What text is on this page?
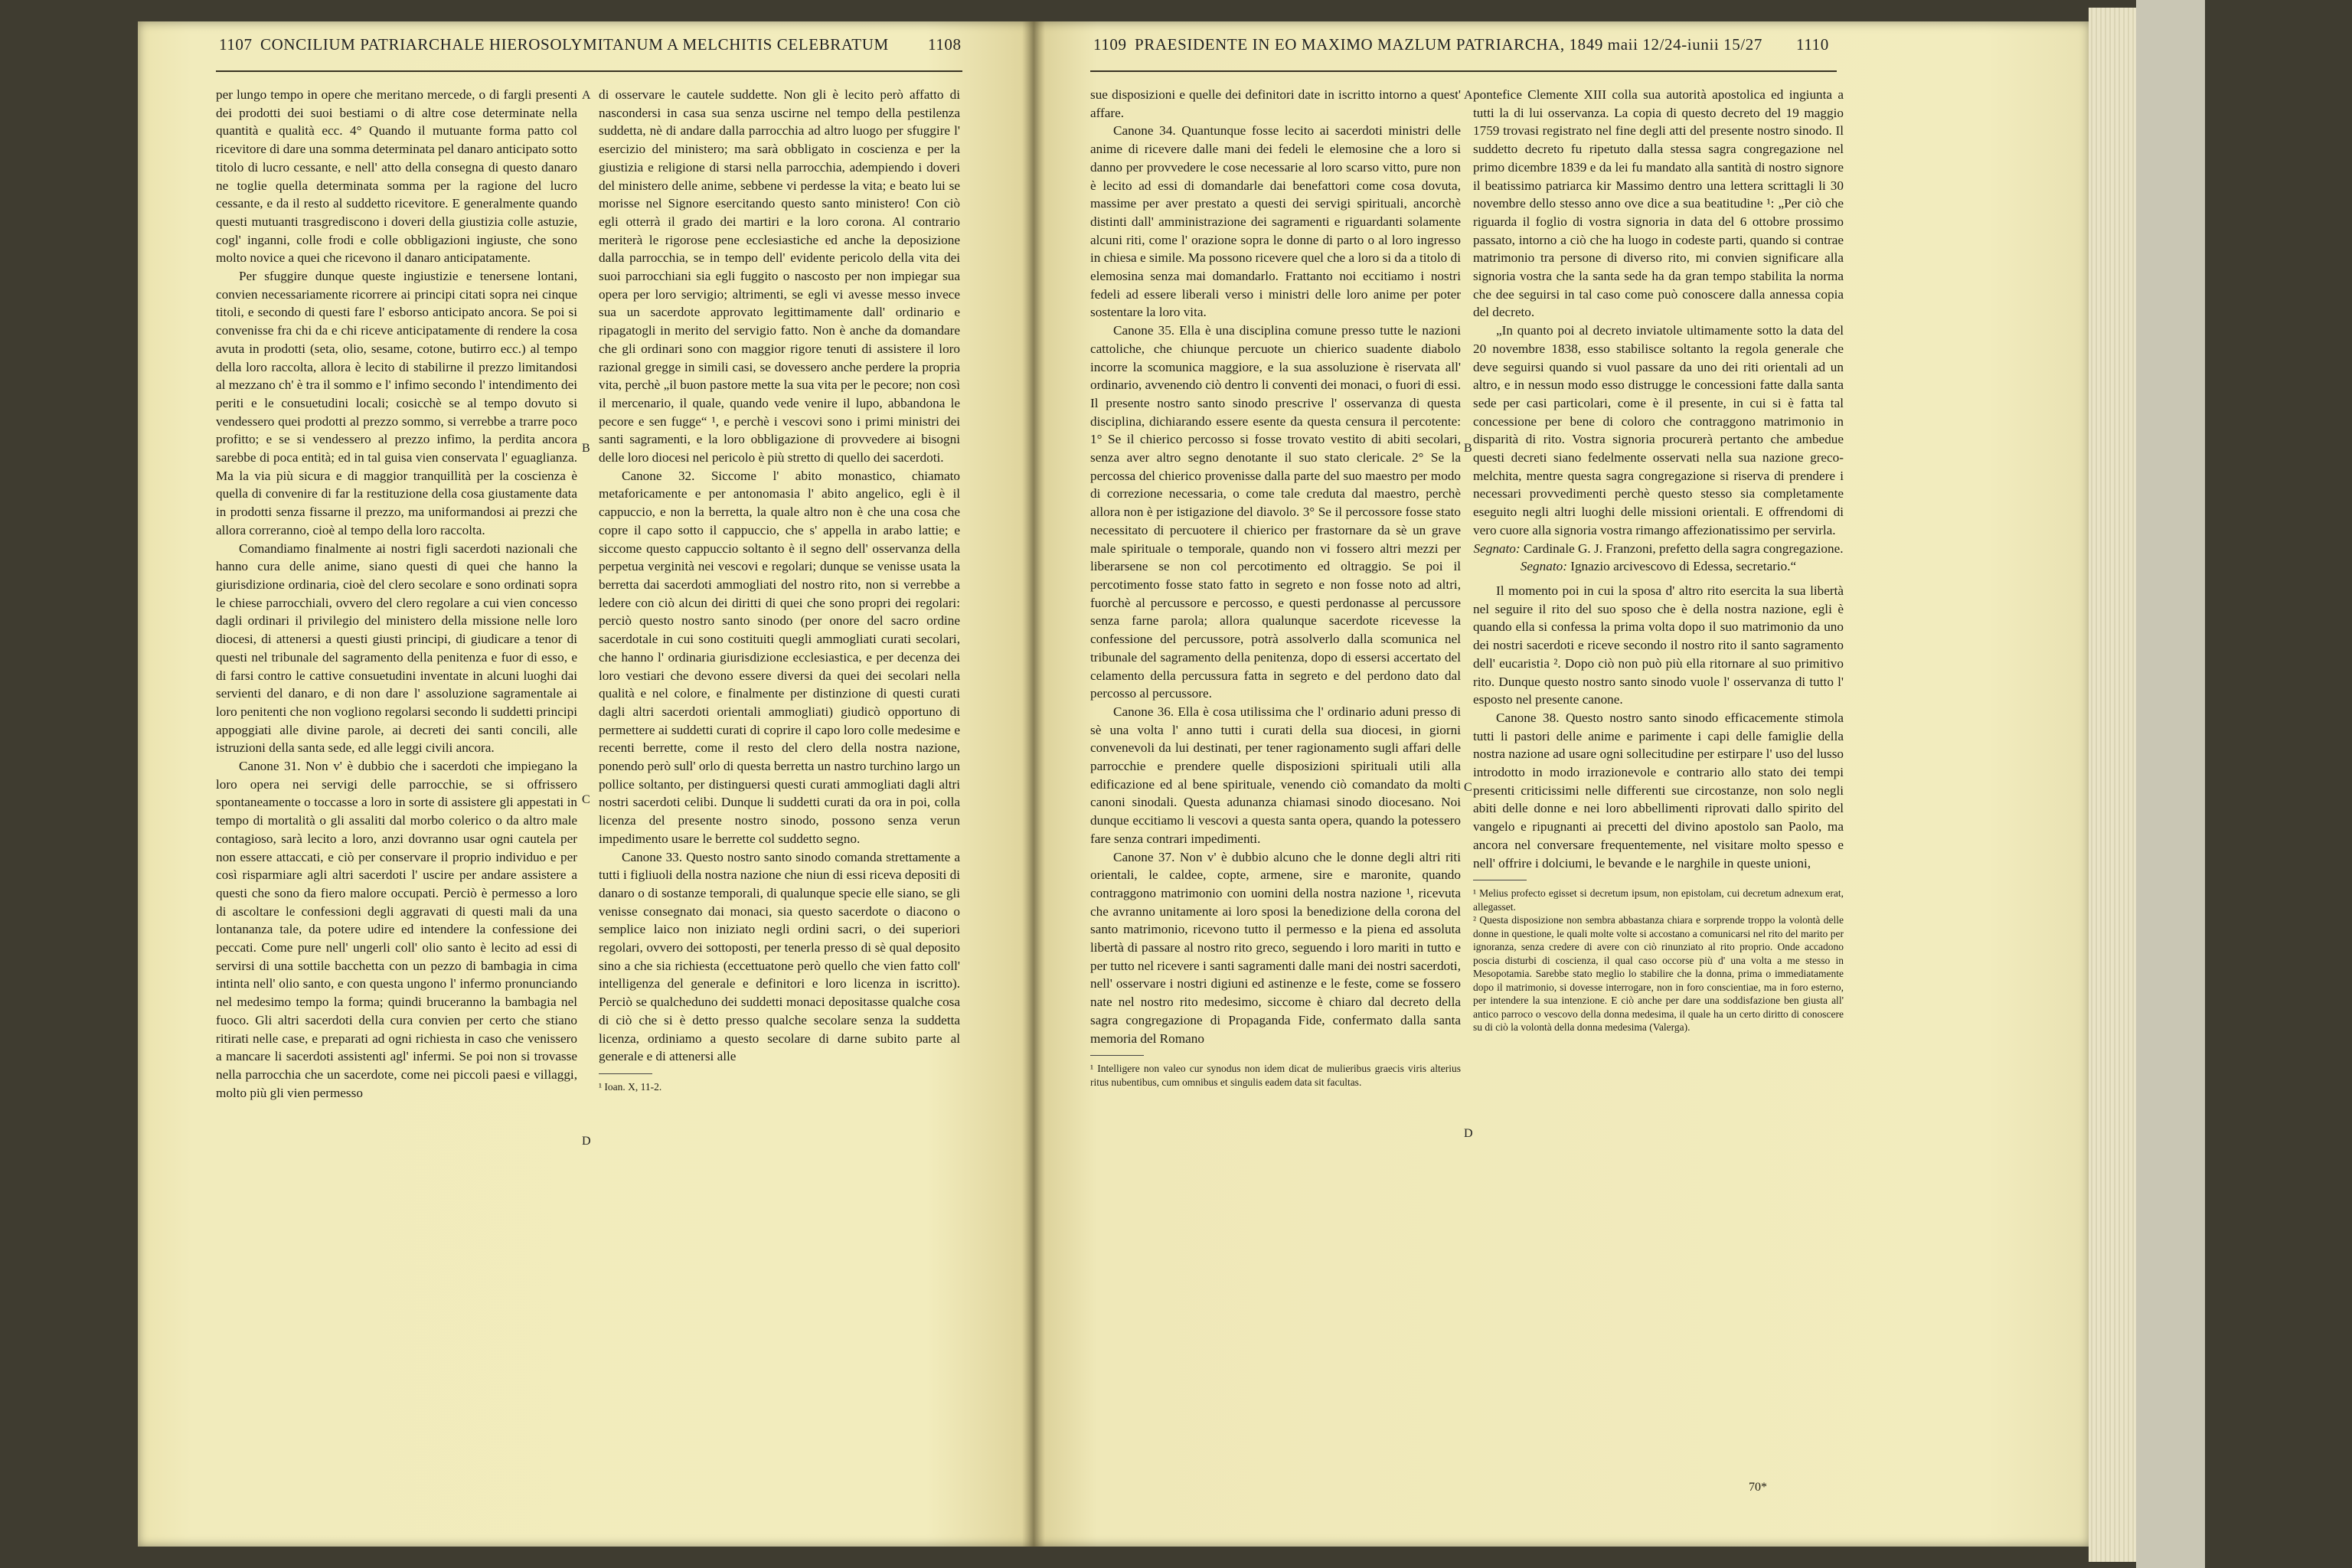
1107 CONCILIUM PATRIARCHALE HIEROSOLYMITANUM A MELCHITIS CELEBRATUM 1108

per lungo tempo in opere che meritano mercede, o di fargli presenti dei prodotti dei suoi bestiami o di altre cose determinate nella quantità e qualità ecc. 4° Quando il mutuante forma patto col ricevitore di dare una somma determinata pel danaro anticipato sotto titolo di lucro cessante, e nell' atto della consegna di questo danaro ne toglie quella determinata somma per la ragione del lucro cessante, e da il resto al suddetto ricevitore. E generalmente quando questi mutuanti trasgrediscono i doveri della giustizia colle astuzie, cogl' inganni, colle frodi e colle obbligazioni ingiuste, che sono molto novice a quei che ricevono il danaro anticipatamente.

Per sfuggire dunque queste ingiustizie e tenersene lontani, convien necessariamente ricorrere ai principi citati sopra nei cinque titoli, e secondo di questi fare l' esborso anticipato ancora. Se poi si convenisse fra chi da e chi riceve anticipatamente di rendere la cosa avuta in prodotti (seta, olio, sesame, cotone, butirro ecc.) al tempo della loro raccolta, allora è lecito di stabilirne il prezzo limitandosi al mezzano ch' è tra il sommo e l' infimo secondo l' intendimento dei periti e le consuetudini locali; cosicchè se al tempo dovuto si vendessero quei prodotti al prezzo sommo, si verrebbe a trarre poco profitto; e se si vendessero al prezzo infimo, la perdita ancora sarebbe di poca entità; ed in tal guisa vien conservata l' eguaglianza. Ma la via più sicura e di maggior tranquillità per la coscienza è quella di convenire di far la restituzione della cosa giustamente data in prodotti senza fissarne il prezzo, ma uniformandosi ai prezzi che allora correranno, cioè al tempo della loro raccolta.

Comandiamo finalmente ai nostri figli sacerdoti nazionali che hanno cura delle anime, siano questi di quei che hanno la giurisdizione ordinaria, cioè del clero secolare e sono ordinati sopra le chiese parrocchiali, ovvero del clero regolare a cui vien concesso dagli ordinari il privilegio del ministero della missione nelle loro diocesi, di attenersi a questi giusti principi, di giudicare a tenor di questi nel tribunale del sagramento della penitenza e fuor di esso, e di farsi contro le cattive consuetudini inventate in alcuni luoghi dai servienti del danaro, e di non dare l' assoluzione sagramentale ai loro penitenti che non vogliono regolarsi secondo li suddetti principi appoggiati alle divine parole, ai decreti dei santi concili, alle istruzioni della santa sede, ed alle leggi civili ancora.

Canone 31. Non v' è dubbio che i sacerdoti che impiegano la loro opera nei servigi delle parrocchie, se si offrissero spontaneamente o toccasse a loro in sorte di assistere gli appestati in tempo di mortalità o gli assaliti dal morbo colerico o da altro male contagioso, sarà lecito a loro, anzi dovranno usar ogni cautela per non essere attaccati, e ciò per conservare il proprio individuo e per così risparmiare agli altri sacerdoti l' uscire per andare assistere a questi che sono da fiero malore occupati. Perciò è permesso a loro di ascoltare le confessioni degli aggravati di questi mali da una lontananza tale, da potere udire ed intendere la confessione dei peccati. Come pure nell' ungerli coll' olio santo è lecito ad essi di servirsi di una sottile bacchetta con un pezzo di bambagia in cima intinta nell' olio santo, e con questa ungono l' infermo pronunciando nel medesimo tempo la forma; quindi bruceranno la bambagia nel fuoco. Gli altri sacerdoti della cura convien per certo che stiano ritirati nelle case, e preparati ad ogni richiesta in caso che venissero a mancare li sacerdoti assistenti agl' infermi. Se poi non si trovasse nella parrocchia che un sacerdote, come nei piccoli paesi e villaggi, molto più gli vien permesso

di osservare le cautele suddette. Non gli è lecito però affatto di nascondersi in casa sua senza uscirne nel tempo della pestilenza suddetta, nè di andare dalla parrocchia ad altro luogo per sfuggire l' esercizio del ministero; ma sarà obbligato in coscienza e per la giustizia e religione di starsi nella parrocchia, adempiendo i doveri del ministero delle anime, sebbene vi perdesse la vita; e beato lui se morisse nel Signore esercitando questo santo ministero! Con ciò egli otterrà il grado dei martiri e la loro corona. Al contrario meriterà le rigorose pene ecclesiastiche ed anche la deposizione dalla parrocchia, se in tempo dell' evidente pericolo della vita dei suoi parrocchiani sia egli fuggito o nascosto per non impiegar sua opera per loro servigio; altrimenti, se egli vi avesse messo invece sua un sacerdote approvato legittimamente dall' ordinario e ripagatogli in merito del servigio fatto. Non è anche da domandare che gli ordinari sono con maggior rigore tenuti di assistere il loro razional gregge in simili casi, se dovessero anche perdere la propria vita, perchè „il buon pastore mette la sua vita per le pecore; non così il mercenario, il quale, quando vede venire il lupo, abbandona le pecore e sen fugge“ ¹, e perchè i vescovi sono i primi ministri dei santi sagramenti, e la loro obbligazione di provvedere ai bisogni delle loro diocesi nel pericolo è più stretto di quello dei sacerdoti.

Canone 32. Siccome l' abito monastico, chiamato metaforicamente e per antonomasia l' abito angelico, egli è il cappuccio, e non la berretta, la quale altro non è che una cosa che copre il capo sotto il cappuccio, che s' appella in arabo lattie; e siccome questo cappuccio soltanto è il segno dell' osservanza della perpetua verginità nei vescovi e regolari; dunque se venisse usata la berretta dai sacerdoti ammogliati del nostro rito, non si verrebbe a ledere con ciò alcun dei diritti di quei che sono propri dei regolari: perciò questo nostro santo sinodo (per onore del sacro ordine sacerdotale in cui sono costituiti quegli ammogliati curati secolari, che hanno l' ordinaria giurisdizione ecclesiastica, e per decenza dei loro vestiari che devono essere diversi da quei dei secolari nella qualità e nel colore, e finalmente per distinzione di questi curati dagli altri sacerdoti orientali ammogliati) giudicò opportuno di permettere ai suddetti curati di coprire il capo loro colle medesime e recenti berrette, come il resto del clero della nostra nazione, ponendo però sull' orlo di questa berretta un nastro turchino largo un pollice soltanto, per distinguersi questi curati ammogliati dagli altri nostri sacerdoti celibi. Dunque li suddetti curati da ora in poi, colla licenza del presente nostro sinodo, possono senza verun impedimento usare le berrette col suddetto segno.

Canone 33. Questo nostro santo sinodo comanda strettamente a tutti i figliuoli della nostra nazione che niun di essi riceva depositi di danaro o di sostanze temporali, di qualunque specie elle siano, se gli venisse consegnato dai monaci, sia questo sacerdote o diacono o semplice laico non iniziato negli ordini sacri, o dei superiori regolari, ovvero dei sottoposti, per tenerla presso di sè qual deposito sino a che sia richiesta (eccettuatone però quello che vien fatto coll' intelligenza del generale e definitori e loro licenza in iscritto). Perciò se qualcheduno dei suddetti monaci depositasse qualche cosa di ciò che si è detto presso qualche secolare senza la suddetta licenza, ordiniamo a questo secolare di darne subito parte al generale e di attenersi alle

¹ Ioan. X, 11-2.

A
B
C
D
1109 PRAESIDENTE IN EO MAXIMO MAZLUM PATRIARCHA, 1849 maii 12/24-iunii 15/27 1110

sue disposizioni e quelle dei definitori date in iscritto intorno a quest' affare.

Canone 34. Quantunque fosse lecito ai sacerdoti ministri delle anime di ricevere dalle mani dei fedeli le elemosine che a loro si danno per provvedere le cose necessarie al loro scarso vitto, pure non è lecito ad essi di domandarle dai benefattori come cosa dovuta, massime per aver prestato a questi dei servigi spirituali, ancorchè distinti dall' amministrazione dei sagramenti e riguardanti solamente alcuni riti, come l' orazione sopra le donne di parto o al loro ingresso in chiesa e simile. Ma possono ricevere quel che a loro si da a titolo di elemosina senza mai domandarlo. Frattanto noi eccitiamo i nostri fedeli ad essere liberali verso i ministri delle loro anime per poter sostentare la loro vita.

Canone 35. Ella è una disciplina comune presso tutte le nazioni cattoliche, che chiunque percuote un chierico suadente diabolo incorre la scomunica maggiore, e la sua assoluzione è riservata all' ordinario, avvenendo ciò dentro li conventi dei monaci, o fuori di essi. Il presente nostro santo sinodo prescrive l' osservanza di questa disciplina, dichiarando essere esente da questa censura il percotente: 1° Se il chierico percosso si fosse trovato vestito di abiti secolari, senza aver altro segno denotante il suo stato clericale. 2° Se la percossa del chierico provenisse dalla parte del suo maestro per modo di correzione necessaria, o come tale creduta dal maestro, perchè allora non è per istigazione del diavolo. 3° Se il percossore fosse stato necessitato di percuotere il chierico per frastornare da sè un grave male spirituale o temporale, quando non vi fossero altri mezzi per liberarsene se non col percotimento ed oltraggio. Se poi il percotimento fosse stato fatto in segreto e non fosse noto ad altri, fuorchè al percussore e percosso, e questi perdonasse al percussore senza farne parola; allora qualunque sacerdote ricevesse la confessione del percussore, potrà assolverlo dalla scomunica nel tribunale del sagramento della penitenza, dopo di essersi accertato del celamento della percussura fatta in segreto e del perdono dato dal percosso al percussore.

Canone 36. Ella è cosa utilissima che l' ordinario aduni presso di sè una volta l' anno tutti i curati della sua diocesi, in giorni convenevoli da lui destinati, per tener ragionamento sugli affari delle parrocchie e prendere quelle disposizioni spirituali utili alla edificazione ed al bene spirituale, venendo ciò comandato da molti canoni sinodali. Questa adunanza chiamasi sinodo diocesano. Noi dunque eccitiamo li vescovi a questa santa opera, quando la potessero fare senza contrari impedimenti.

Canone 37. Non v' è dubbio alcuno che le donne degli altri riti orientali, le caldee, copte, armene, sire e maronite, quando contraggono matrimonio con uomini della nostra nazione ¹, ricevuta che avranno unitamente ai loro sposi la benedizione della corona del santo matrimonio, ricevono tutto il permesso e la piena ed assoluta libertà di passare al nostro rito greco, seguendo i loro mariti in tutto e per tutto nel ricevere i santi sagramenti dalle mani dei nostri sacerdoti, nell' osservare i nostri digiuni ed astinenze e le feste, come se fossero nate nel nostro rito medesimo, siccome è chiaro dal decreto della sagra congregazione di Propaganda Fide, confermato dalla santa memoria del Romano

¹ Intelligere non valeo cur synodus non idem dicat de mulieribus graecis viris alterius ritus nubentibus, cum omnibus et singulis eadem data sit facultas.

pontefice Clemente XIII colla sua autorità apostolica ed ingiunta a tutti la di lui osservanza. La copia di questo decreto del 19 maggio 1759 trovasi registrato nel fine degli atti del presente nostro sinodo. Il suddetto decreto fu ripetuto dalla stessa sagra congregazione nel primo dicembre 1839 e da lei fu mandato alla santità di nostro signore il beatissimo patriarca kir Massimo dentro una lettera scrittagli li 30 novembre dello stesso anno ove dice a sua beatitudine ¹: „Per ciò che riguarda il foglio di vostra signoria in data del 6 ottobre prossimo passato, intorno a ciò che ha luogo in codeste parti, quando si contrae matrimonio tra persone di diverso rito, mi convien significare alla signoria vostra che la santa sede ha da gran tempo stabilita la norma che dee seguirsi in tal caso come può conoscere dalla annessa copia del decreto.

„In quanto poi al decreto inviatole ultimamente sotto la data del 20 novembre 1838, esso stabilisce soltanto la regola generale che deve seguirsi quando si vuol passare da uno dei riti orientali ad un altro, e in nessun modo esso distrugge le concessioni fatte dalla santa sede per casi particolari, come è il presente, in cui si è fatta tal concessione per bene di coloro che contraggono matrimonio in disparità di rito. Vostra signoria procurerà pertanto che ambedue questi decreti siano fedelmente osservati nella sua nazione greco-melchita, mentre questa sagra congregazione si riserva di prendere i necessari provvedimenti perchè questo stesso sia completamente eseguito negli altri luoghi delle missioni orientali. E offrendomi di vero cuore alla signoria vostra rimango affezionatissimo per servirla.

Segnato: Cardinale G. J. Franzoni, prefetto della sagra congregazione.

Segnato: Ignazio arcivescovo di Edessa, secretario.“

Il momento poi in cui la sposa d' altro rito esercita la sua libertà nel seguire il rito del suo sposo che è della nostra nazione, egli è quando ella si confessa la prima volta dopo il suo matrimonio da uno dei nostri sacerdoti e riceve secondo il nostro rito il santo sagramento dell' eucaristia ². Dopo ciò non può più ella ritornare al suo primitivo rito. Dunque questo nostro santo sinodo vuole l' osservanza di tutto l' esposto nel presente canone.

Canone 38. Questo nostro santo sinodo efficacemente stimola tutti li pastori delle anime e parimente i capi delle famiglie della nostra nazione ad usare ogni sollecitudine per estirpare l' uso del lusso introdotto in modo irrazionevole e contrario allo stato dei tempi presenti criticissimi nelle differenti sue circostanze, non solo negli abiti delle donne e nei loro abbellimenti riprovati dallo spirito del vangelo e ripugnanti ai precetti del divino apostolo san Paolo, ma ancora nel conversare frequentemente, nel visitare molto spesso e nell' offrire i dolciumi, le bevande e le narghile in queste unioni,

¹ Melius profecto egisset si decretum ipsum, non epistolam, cui decretum adnexum erat, allegasset.

² Questa disposizione non sembra abbastanza chiara e sorprende troppo la volontà delle donne in questione, le quali molte volte si accostano a comunicarsi nel rito del marito per ignoranza, senza credere di avere con ciò rinunziato al rito proprio. Onde accadono poscia disturbi di coscienza, il qual caso occorse più d' una volta a me stesso in Mesopotamia. Sarebbe stato meglio lo stabilire che la donna, prima o immediatamente dopo il matrimonio, si dovesse interrogare, non in foro conscientiae, ma in foro esterno, per intendere la sua intenzione. E ciò anche per dare una soddisfazione ben giusta all' antico parroco o vescovo della donna medesima, il quale ha un certo diritto di conoscere su di ciò la volontà della donna medesima (Valerga).

A
B
C
D
70*
